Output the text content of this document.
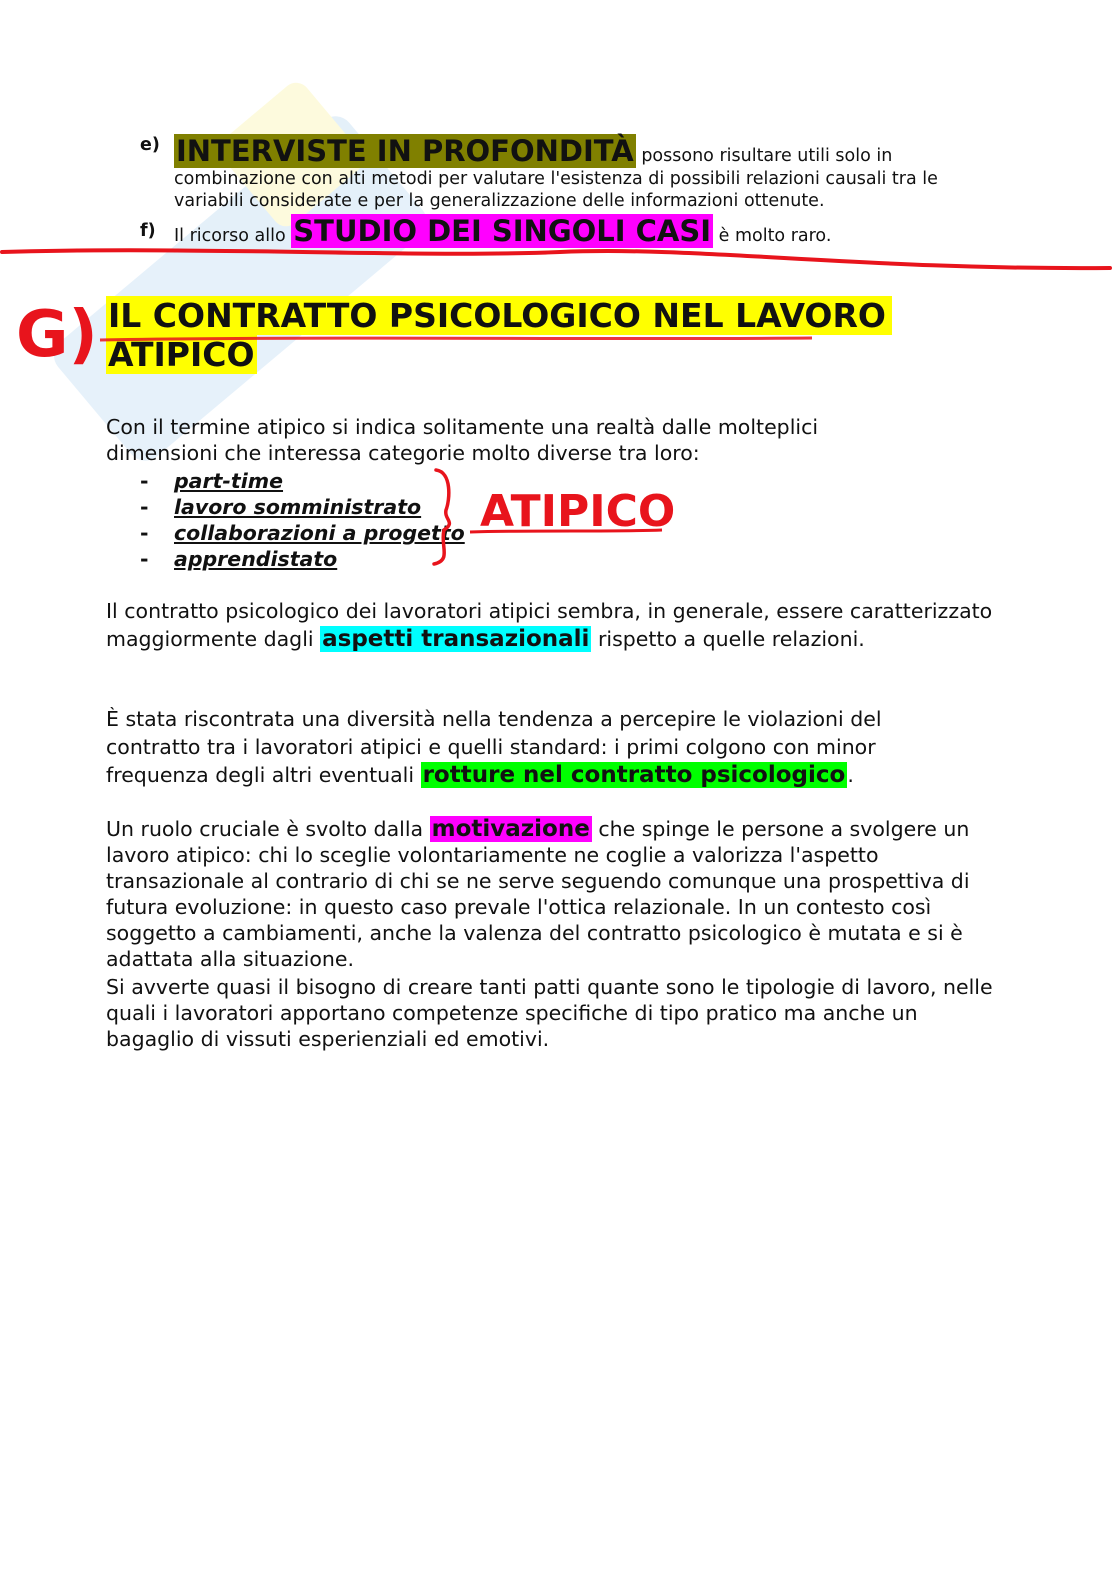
e) INTERVISTE IN PROFONDITÀ possono risultare utili solo in combinazione con alti metodi per valutare l'esistenza di possibili relazioni causali tra le variabili considerate e per la generalizzazione delle informazioni ottenute.
f)	Il ricorso allo STUDIO DEI SINGOLI CASI è molto raro.
IL CONTRATTO PSICOLOGICO NEL LAVORO
ATIPICO
Con il termine atipico si indica solitamente una realtà dalle molteplici dimensioni che interessa categorie molto diverse tra loro:
- part-time
- lavoro somministrato
- collaborazioni a progetto
- apprendistato
Il contratto psicologico dei lavoratori atipici sembra, in generale, essere caratterizzato maggiormente dagli aspetti transazionali rispetto a quelle relazioni.
È stata riscontrata una diversità nella tendenza a percepire le violazioni del contratto tra i lavoratori atipici e quelli standard: i primi colgono con minor frequenza degli altri eventuali rotture nel contratto psicologico.
Un ruolo cruciale è svolto dalla motivazione che spinge le persone a svolgere un lavoro atipico: chi lo sceglie volontariamente ne coglie a valorizza l'aspetto transazionale al contrario di chi se ne serve seguendo comunque una prospettiva di futura evoluzione: in questo caso prevale l'ottica relazionale. In un contesto così soggetto a cambiamenti, anche la valenza del contratto psicologico è mutata e si è adattata alla situazione.
Si avverte quasi il bisogno di creare tanti patti quante sono le tipologie di lavoro, nelle quali i lavoratori apportano competenze specifiche di tipo pratico ma anche un bagaglio di vissuti esperienziali ed emotivi.
G)
ATIPICO
